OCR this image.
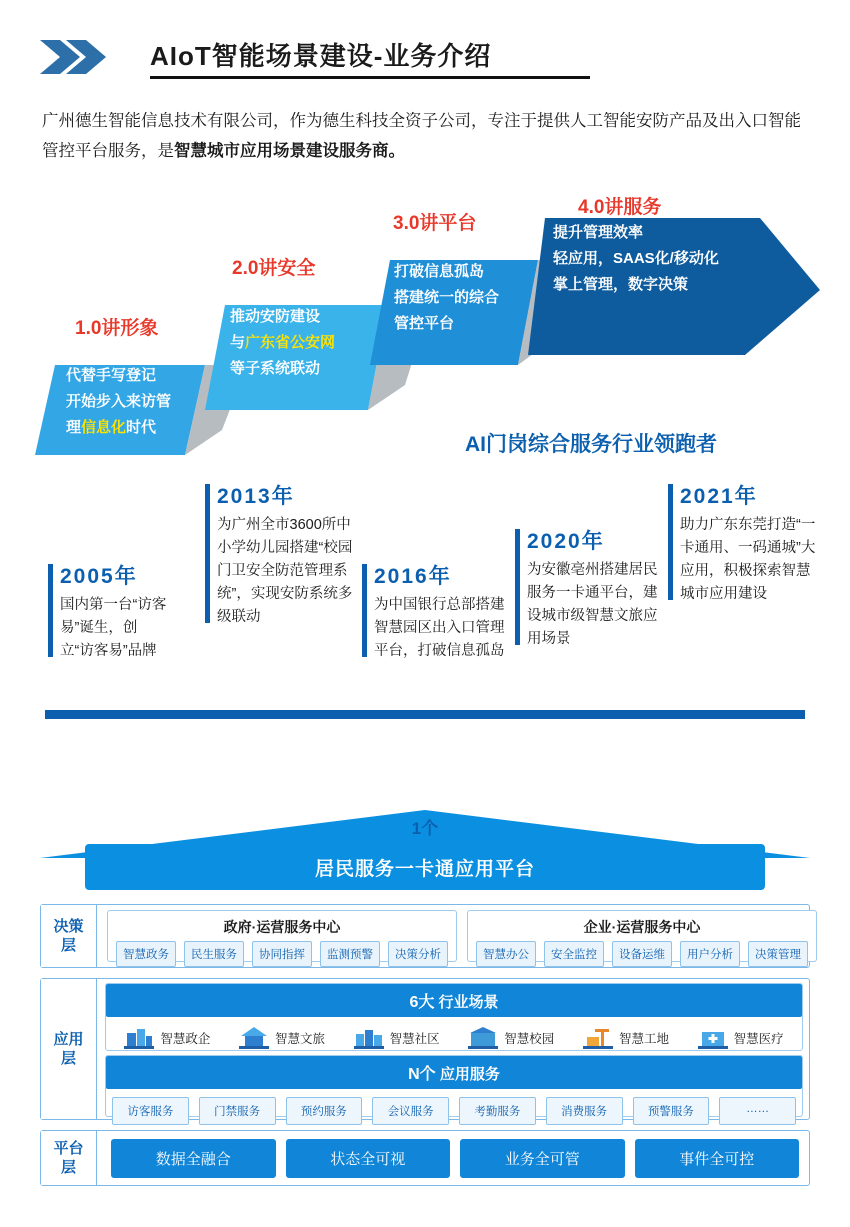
AIoT智能场景建设-业务介绍
广州德生智能信息技术有限公司，作为德生科技全资子公司，专注于提供人工智能安防产品及出入口智能管控平台服务，是智慧城市应用场景建设服务商。
1.0讲形象
2.0讲安全
3.0讲平台
4.0讲服务
代替手写登记
开始步入来访管
理信息化时代
推动安防建设
与广东省公安网
等子系统联动
打破信息孤岛
搭建统一的综合
管控平台
提升管理效率
轻应用，SAAS化/移动化
掌上管理，数字决策
AI门岗综合服务行业领跑者
2005年
国内第一台“访客易”诞生，创立“访客易”品牌
2013年
为广州全市3600所中小学幼儿园搭建“校园门卫安全防范管理系统”，实现安防系统多级联动
2016年
为中国银行总部搭建智慧园区出入口管理平台，打破信息孤岛
2020年
为安徽亳州搭建居民服务一卡通平台，建设城市级智慧文旅应用场景
2021年
助力广东东莞打造“一卡通用、一码通城”大应用，积极探索智慧城市应用建设
⟶	⟶	⟶	⟶
1个
居民服务一卡通应用平台
决策
层
政府·运营服务中心
智慧政务	民生服务	协同指挥	监测预警	决策分析
企业·运营服务中心
智慧办公	安全监控	设备运维	用户分析	决策管理
应用
层
6大 行业场景
智慧政企	智慧文旅	智慧社区	智慧校园	智慧工地	智慧医疗
N个 应用服务
访客服务	门禁服务	预约服务	会议服务	考勤服务	消费服务	预警服务	……
平台
层	数据全融合	状态全可视	业务全可管	事件全可控
